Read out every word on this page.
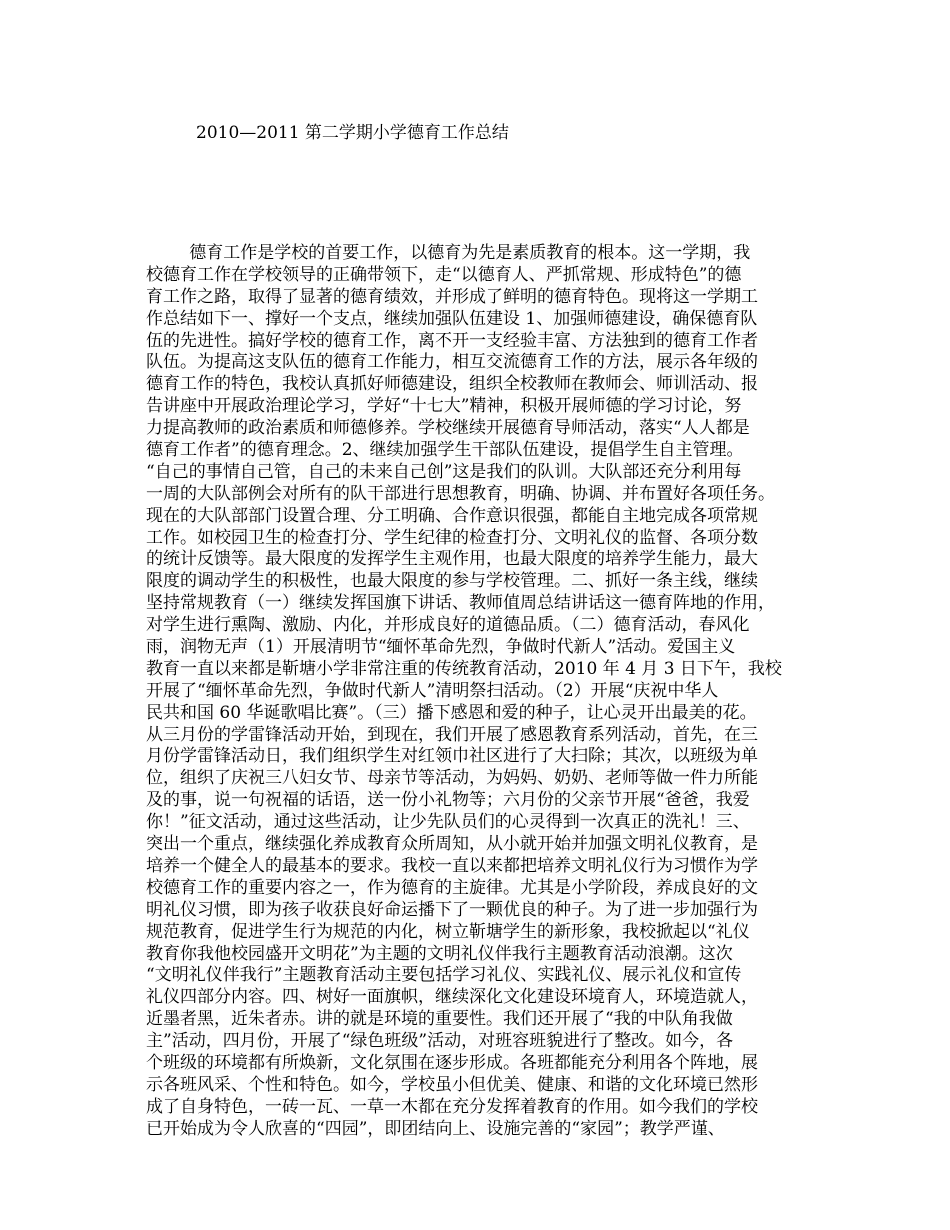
2010—2011 第二学期小学德育工作总结
德育工作是学校的首要工作，以德育为先是素质教育的根本。这一学期，我
校德育工作在学校领导的正确带领下，走“以德育人、严抓常规、形成特色”的德
育工作之路，取得了显著的德育绩效，并形成了鲜明的德育特色。现将这一学期工
作总结如下一、撑好一个支点，继续加强队伍建设 1、加强师德建设，确保德育队
伍的先进性。搞好学校的德育工作，离不开一支经验丰富、方法独到的德育工作者
队伍。为提高这支队伍的德育工作能力，相互交流德育工作的方法，展示各年级的
德育工作的特色，我校认真抓好师德建设，组织全校教师在教师会、师训活动、报
告讲座中开展政治理论学习，学好“十七大”精神，积极开展师德的学习讨论，努
力提高教师的政治素质和师德修养。学校继续开展德育导师活动，落实“人人都是
德育工作者”的德育理念。2、继续加强学生干部队伍建设，提倡学生自主管理。
“自己的事情自己管，自己的未来自己创”这是我们的队训。大队部还充分利用每
一周的大队部例会对所有的队干部进行思想教育，明确、协调、并布置好各项任务。
现在的大队部部门设置合理、分工明确、合作意识很强，都能自主地完成各项常规
工作。如校园卫生的检查打分、学生纪律的检查打分、文明礼仪的监督、各项分数
的统计反馈等。最大限度的发挥学生主观作用，也最大限度的培养学生能力，最大
限度的调动学生的积极性，也最大限度的参与学校管理。二、抓好一条主线，继续
坚持常规教育（一）继续发挥国旗下讲话、教师值周总结讲话这一德育阵地的作用，
对学生进行熏陶、激励、内化，并形成良好的道德品质。（二）德育活动，春风化
雨，润物无声（1）开展清明节“缅怀革命先烈，争做时代新人”活动。爱国主义
教育一直以来都是靳塘小学非常注重的传统教育活动，2010 年 4 月 3 日下午，我校
开展了“缅怀革命先烈，争做时代新人”清明祭扫活动。（2）开展“庆祝中华人
民共和国 60 华诞歌唱比赛”。（三）播下感恩和爱的种子，让心灵开出最美的花。
从三月份的学雷锋活动开始，到现在，我们开展了感恩教育系列活动，首先，在三
月份学雷锋活动日，我们组织学生对红领巾社区进行了大扫除；其次，以班级为单
位，组织了庆祝三八妇女节、母亲节等活动，为妈妈、奶奶、老师等做一件力所能
及的事，说一句祝福的话语，送一份小礼物等；六月份的父亲节开展“爸爸，我爱
你！”征文活动，通过这些活动，让少先队员们的心灵得到一次真正的洗礼！三、
突出一个重点，继续强化养成教育众所周知，从小就开始并加强文明礼仪教育，是
培养一个健全人的最基本的要求。我校一直以来都把培养文明礼仪行为习惯作为学
校德育工作的重要内容之一，作为德育的主旋律。尤其是小学阶段，养成良好的文
明礼仪习惯，即为孩子收获良好命运播下了一颗优良的种子。为了进一步加强行为
规范教育，促进学生行为规范的内化，树立靳塘学生的新形象，我校掀起以“礼仪
教育你我他校园盛开文明花”为主题的文明礼仪伴我行主题教育活动浪潮。这次
“文明礼仪伴我行”主题教育活动主要包括学习礼仪、实践礼仪、展示礼仪和宣传
礼仪四部分内容。四、树好一面旗帜，继续深化文化建设环境育人，环境造就人，
近墨者黑，近朱者赤。讲的就是环境的重要性。我们还开展了“我的中队角我做
主”活动，四月份，开展了“绿色班级”活动，对班容班貌进行了整改。如今，各
个班级的环境都有所焕新，文化氛围在逐步形成。各班都能充分利用各个阵地，展
示各班风采、个性和特色。如今，学校虽小但优美、健康、和谐的文化环境已然形
成了自身特色，一砖一瓦、一草一木都在充分发挥着教育的作用。如今我们的学校
已开始成为令人欣喜的“四园”，即团结向上、设施完善的“家园”；教学严谨、
